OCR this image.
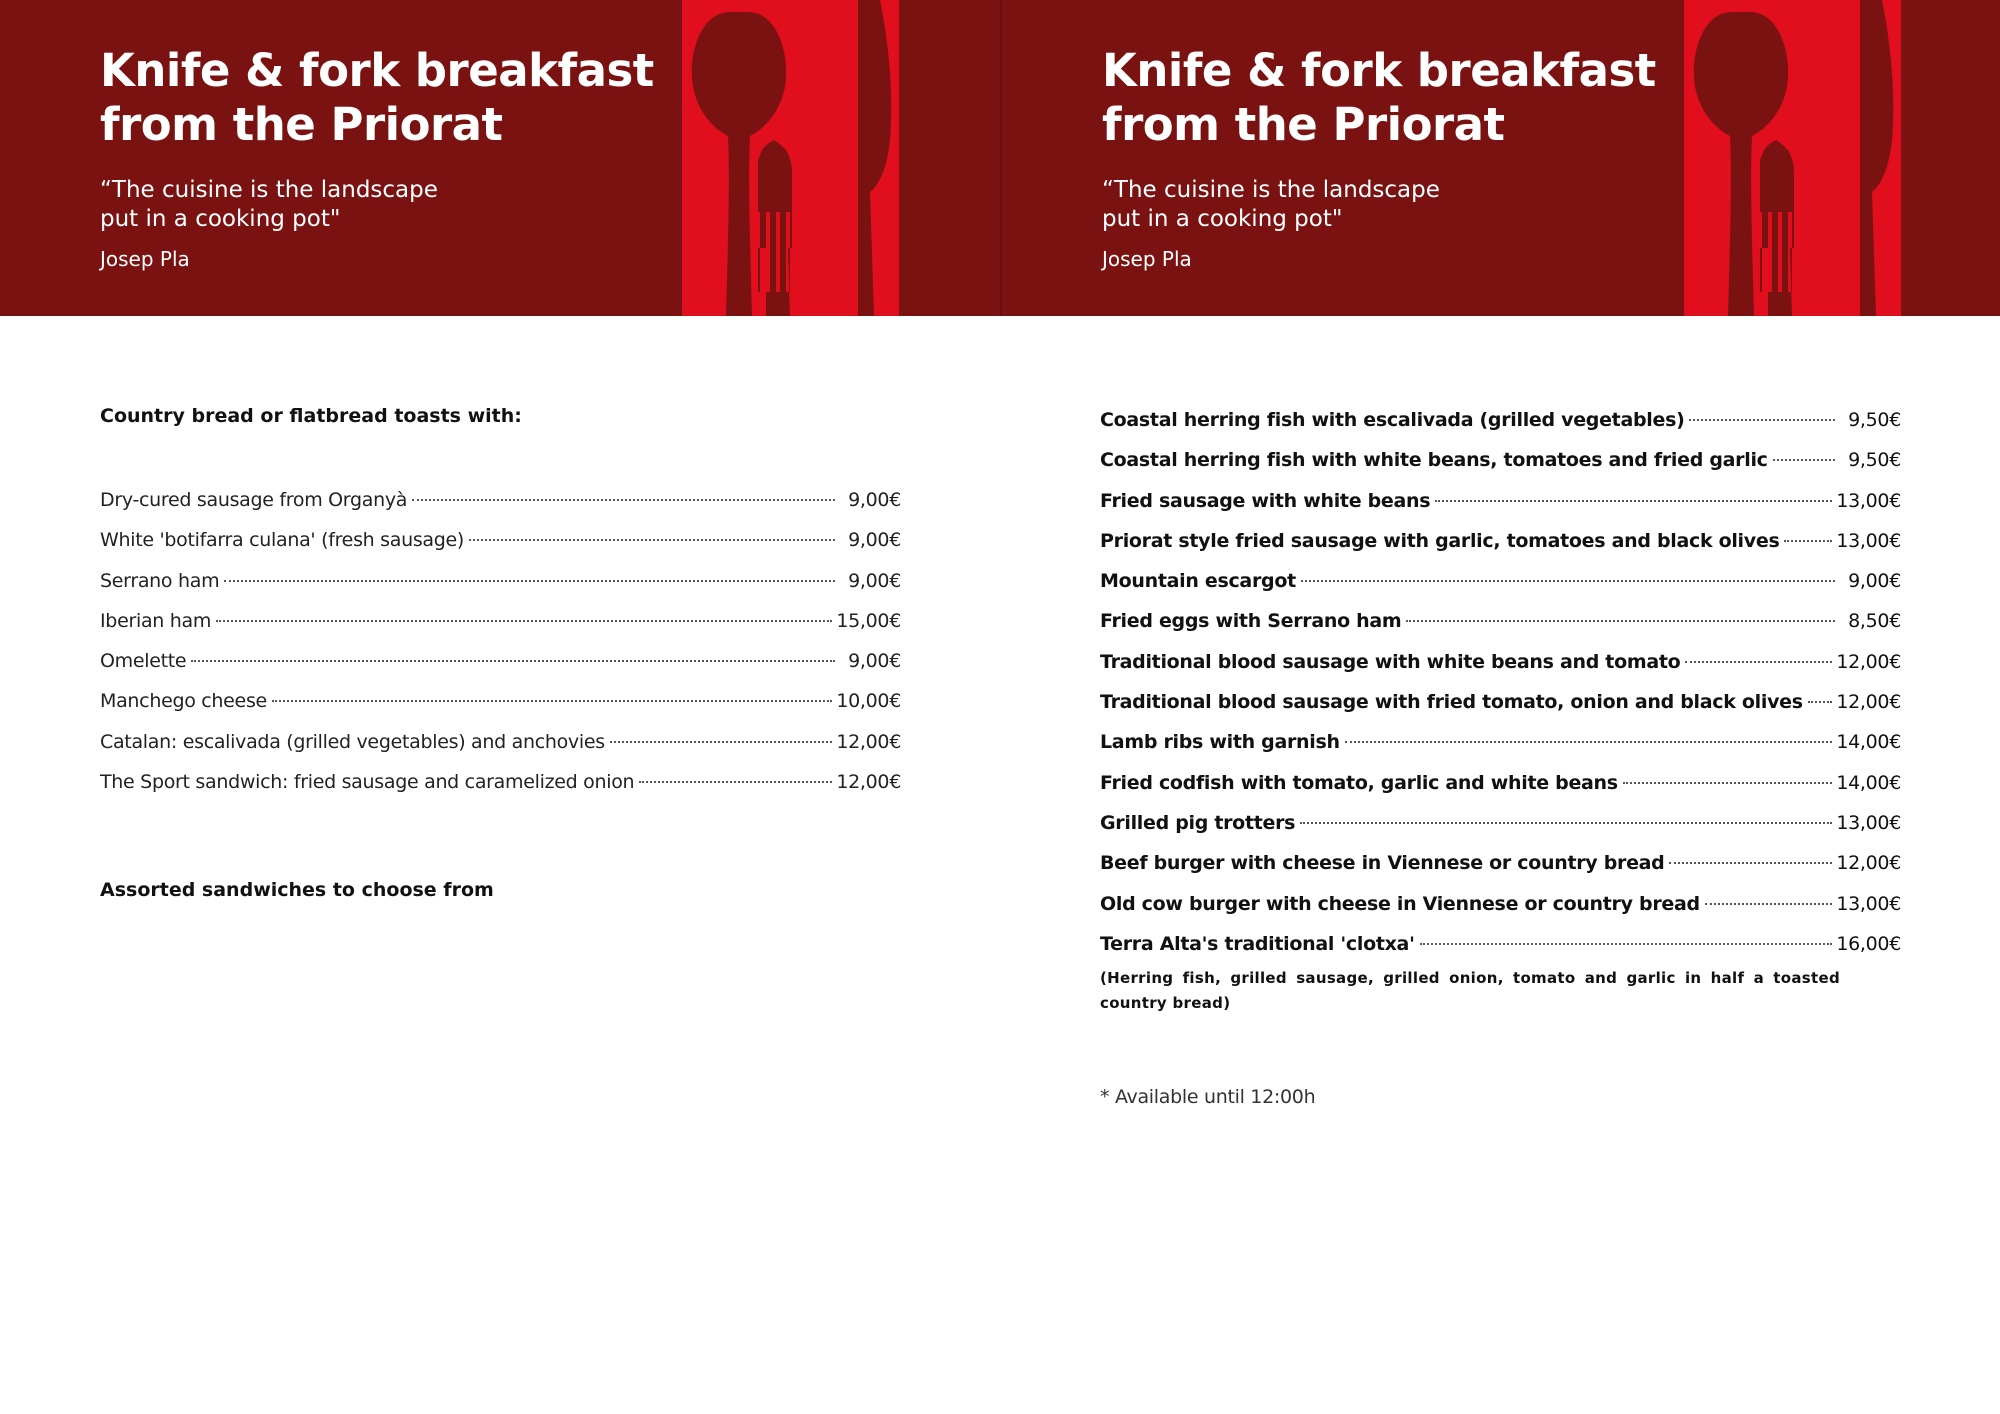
Knife & fork breakfast from the Priorat
“The cuisine is the landscape
put in a cooking pot"
Josep Pla
Knife & fork breakfast from the Priorat
“The cuisine is the landscape
put in a cooking pot"
Josep Pla
Country bread or flatbread toasts with:
Dry-cured sausage from Organyà	9,00€
White 'botifarra culana' (fresh sausage)	9,00€
Serrano ham	9,00€
Iberian ham	15,00€
Omelette	9,00€
Manchego cheese	10,00€
Catalan: escalivada (grilled vegetables) and anchovies	12,00€
The Sport sandwich: fried sausage and caramelized onion	12,00€
Assorted sandwiches to choose from
Coastal herring fish with escalivada (grilled vegetables)	9,50€
Coastal herring fish with white beans, tomatoes and fried garlic	9,50€
Fried sausage with white beans	13,00€
Priorat style fried sausage with garlic, tomatoes and black olives	13,00€
Mountain escargot	9,00€
Fried eggs with Serrano ham	8,50€
Traditional blood sausage with white beans and tomato	12,00€
Traditional blood sausage with fried tomato, onion and black olives 12,00€
Lamb ribs with garnish	14,00€
Fried codfish with tomato, garlic and white beans	14,00€
Grilled pig trotters	13,00€
Beef burger with cheese in Viennese or country bread	12,00€
Old cow burger with cheese in Viennese or country bread	13,00€
Terra Alta's traditional 'clotxa'	16,00€
(Herring fish, grilled sausage, grilled onion, tomato and garlic in half a toasted country bread)
* Available until 12:00h
